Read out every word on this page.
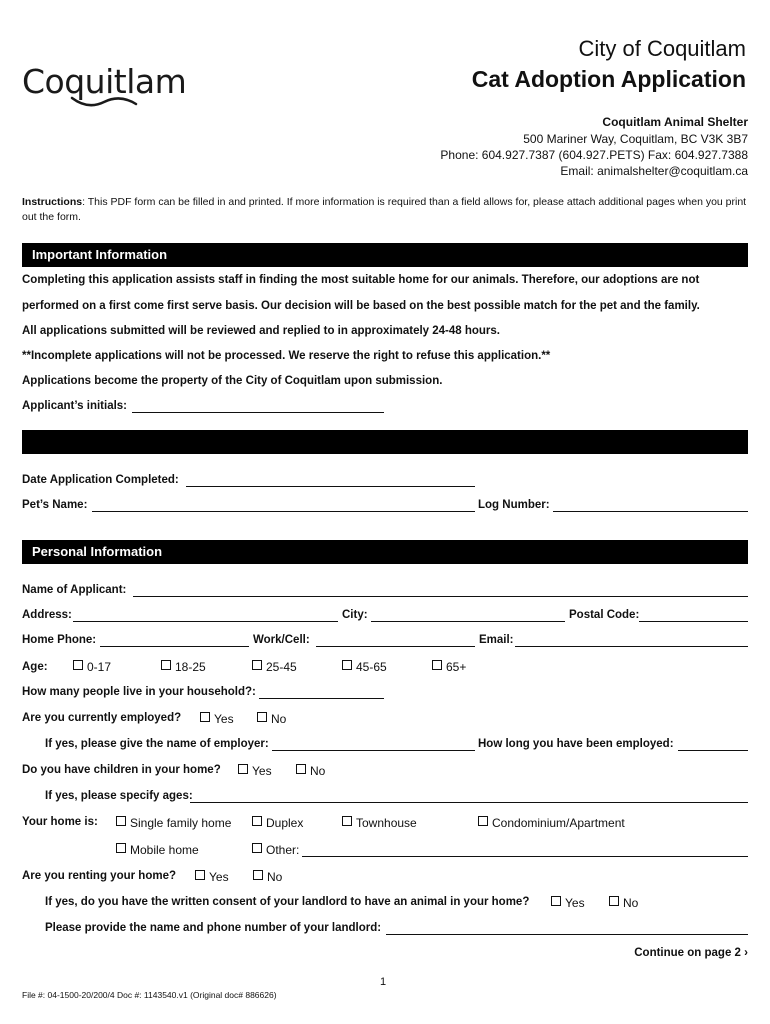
Coquitlam
City of Coquitlam
Cat Adoption Application
Coquitlam Animal Shelter
500 Mariner Way, Coquitlam, BC V3K 3B7
Phone: 604.927.7387 (604.927.PETS) Fax: 604.927.7388
Email: animalshelter@coquitlam.ca
Instructions: This PDF form can be filled in and printed. If more information is required than a field allows for, please attach additional pages when you print out the form.
Important Information
Completing this application assists staff in finding the most suitable home for our animals. Therefore, our adoptions are not
performed on a first come first serve basis. Our decision will be based on the best possible match for the pet and the family.
All applications submitted will be reviewed and replied to in approximately 24-48 hours.
**Incomplete applications will not be processed. We reserve the right to refuse this application.**
Applications become the property of the City of Coquitlam upon submission.
Applicant’s initials:
Date Application Completed:
Pet’s Name:	Log Number:
Personal Information
Name of Applicant:
Address:	City:	Postal Code:
Home Phone:	Work/Cell:	Email:
Age:	0-17	18-25	25-45	45-65	65+
How many people live in your household?:
Are you currently employed?	Yes	No
If yes, please give the name of employer:	How long you have been employed:
Do you have children in your home?	Yes	No
If yes, please specify ages:
Your home is:	Single family home	Duplex	Townhouse	Condominium/Apartment
Mobile home	Other:
Are you renting your home?	Yes	No
If yes, do you have the written consent of your landlord to have an animal in your home?	Yes	No
Please provide the name and phone number of your landlord:
Continue on page 2 ›
1
File #: 04-1500-20/200/4 Doc #: 1143540.v1 (Original doc# 886626)
